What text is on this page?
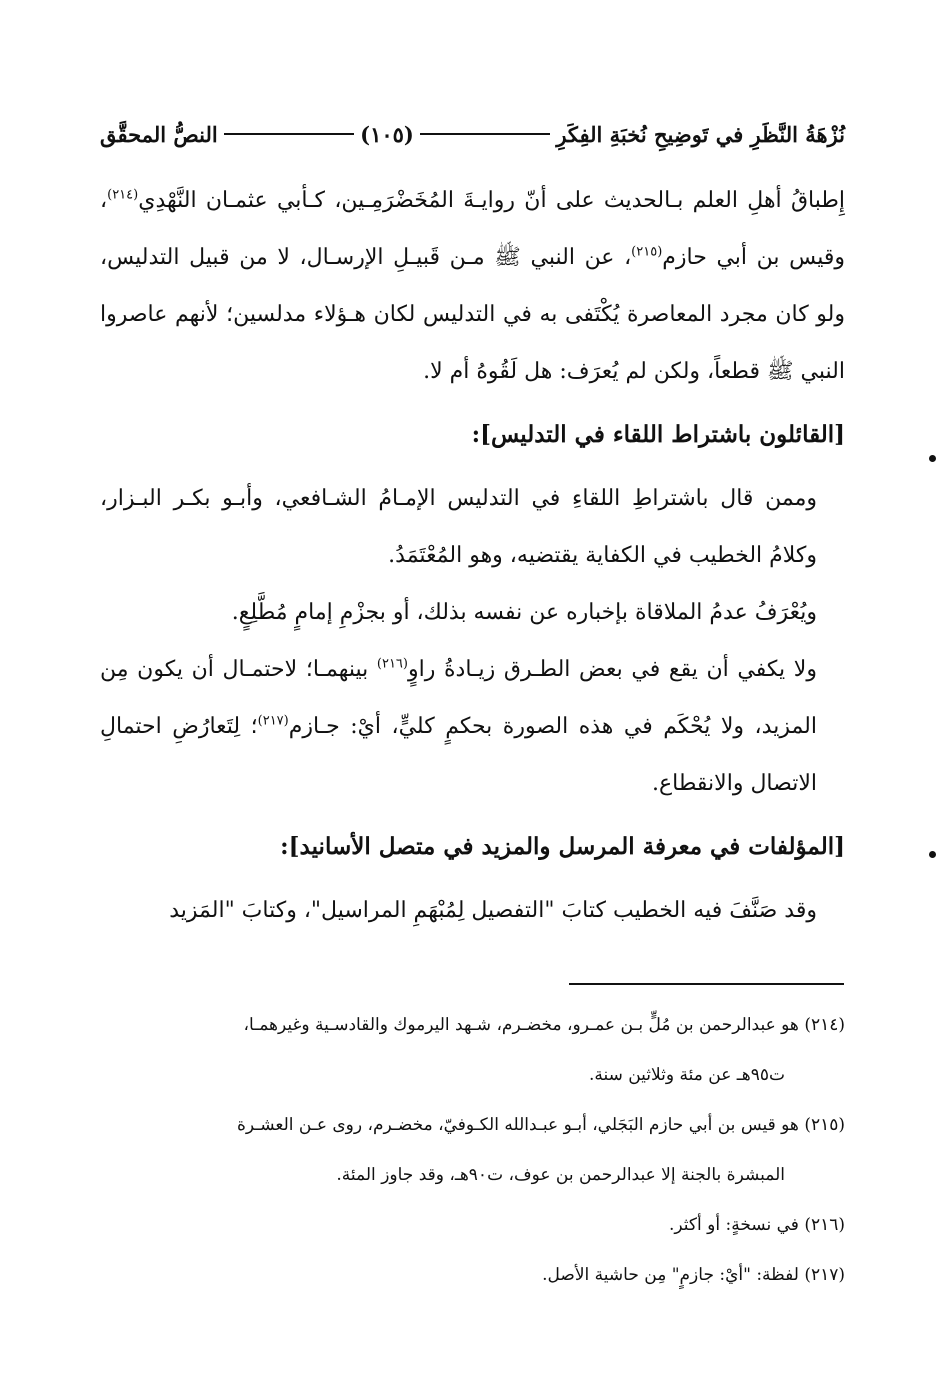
النصُّ المحقَّق	(١٠٥)	نُزْهَةُ النَّظَرِ في تَوضِيحِ نُخبَةِ الفِكَرِ

إِطباقُ أهلِ العلم بـالحديث على أنّ روايـةَ المُخَضْرَمِـين، كـأبي عثمـان النَّهْدِي$^{(٢١٤)}$، وقيس بن أبي حازم$^{(٢١٥)}$، عن النبي ﷺ مـن قَبيـلِ الإرسـال، لا من قبيل التدليس، ولو كان مجرد المعاصرة يُكْتَفى به في التدليس لكان هـؤلاء مدلسين؛ لأنهم عاصروا النبي ﷺ قطعاً، ولكن لم يُعرَف: هل لَقُوهُ أم لا.

[القائلون باشتراط اللقاء في التدليس]:

وممن قال باشتراطِ اللقاءِ في التدليس الإمـامُ الشـافعي، وأبـو بكـر البـزار، وكلامُ الخطيب في الكفاية يقتضيه، وهو المُعْتَمَدُ.

ويُعْرَفُ عدمُ الملاقاة بإخباره عن نفسه بذلك، أو بجزْمِ إمامٍ مُطَّلِعٍ.

ولا يكفي أن يقع في بعض الطـرق زيـادةُ راوٍ$^{(٢١٦)}$ بينهمـا؛ لاحتمـال أن يكون مِن المزيد، ولا يُحْكَم في هذه الصورة بحكمٍ كليٍّ، أيْ: جـازم$^{(٢١٧)}$؛ لِتَعارُضِ احتمالِ الاتصال والانقطاع.

[المؤلفات في معرفة المرسل والمزيد في متصل الأسانيد]:

وقد صَنَّفَ فيه الخطيب كتابَ "التفصيل لِمُبْهَمِ المراسيل"، وكتابَ "المَزيد

(٢١٤) هو عبدالرحمن بن مُلٍّ بـن عمـرو، مخضـرم، شـهد اليرموك والقادسـية وغيرهمـا،

ت٩٥هـ عن مئة وثلاثين سنة.

(٢١٥) هو قيس بن أبي حازم البَجَلي، أبـو عبـدالله الكـوفيّ، مخضـرم، روى عـن العشـرة

المبشرة بالجنة إلا عبدالرحمن بن عوف، ت٩٠هـ، وقد جاوز المئة.

(٢١٦) في نسخةٍ: أو أكثر.

(٢١٧) لفظة: "أيْ: جازمٍ" مِن حاشية الأصل.
